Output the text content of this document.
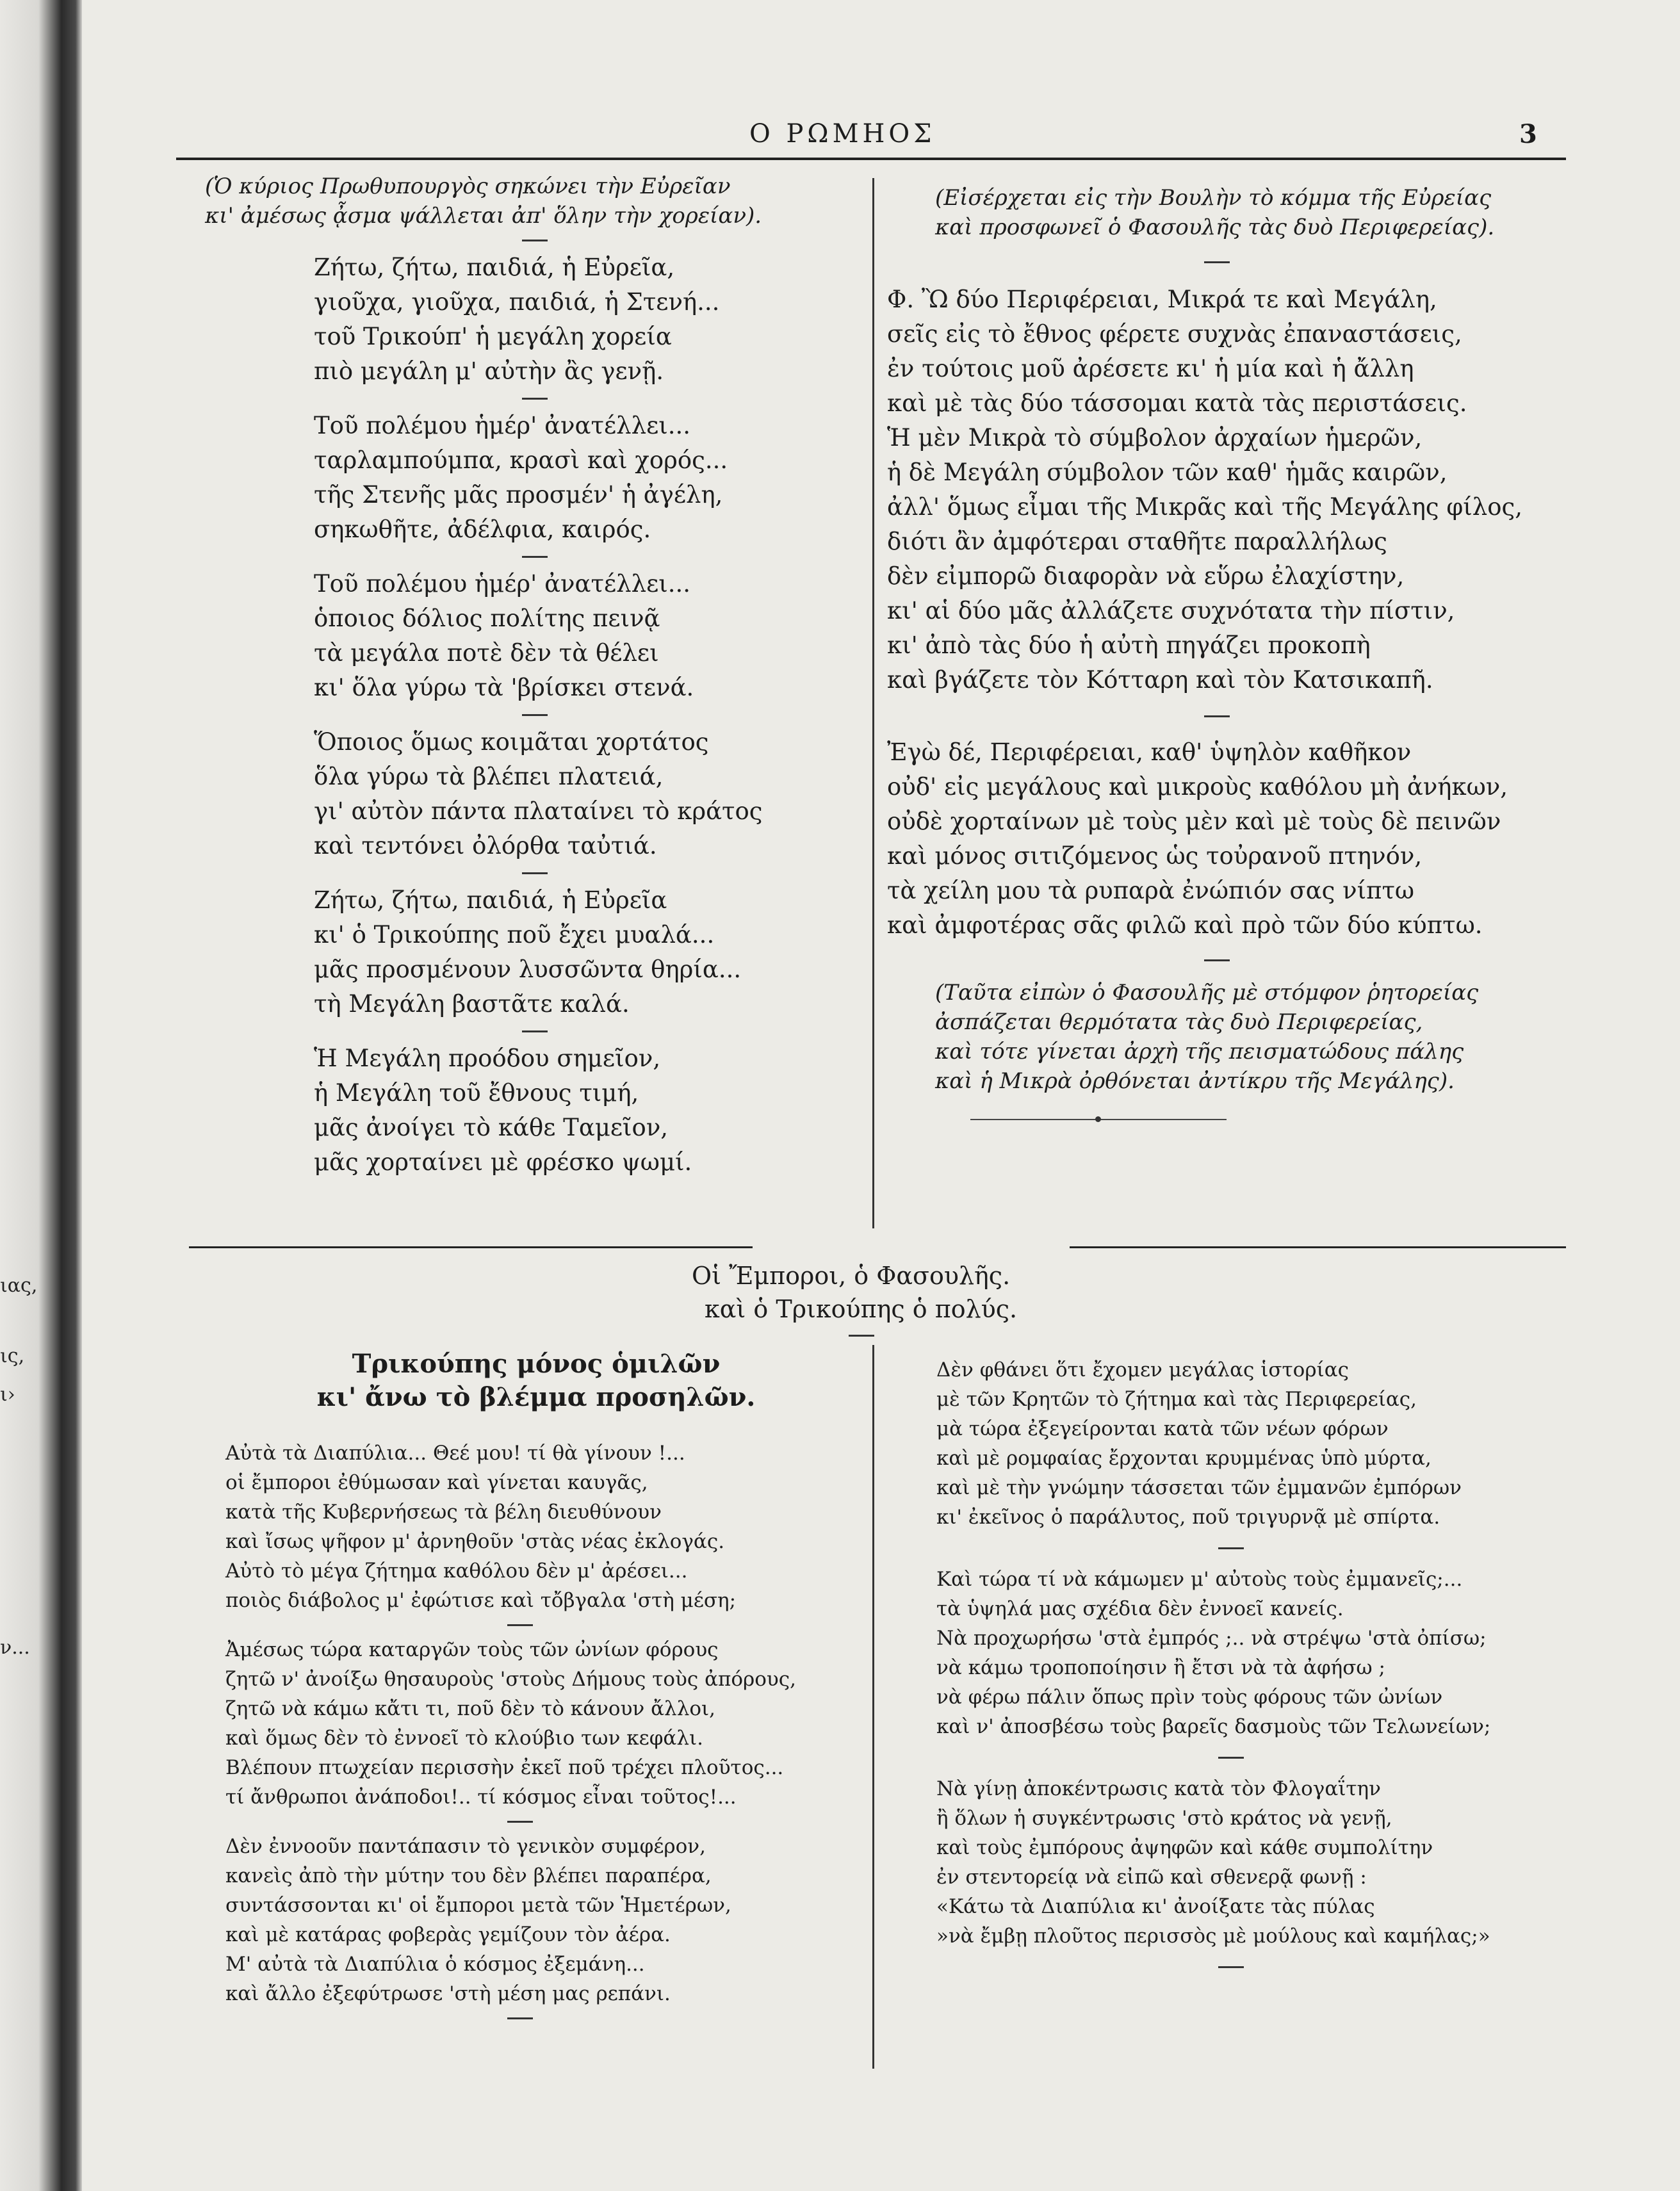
ιας,
ις,
ι›
ν...
Ο ΡΩΜΗΟΣ	3

(Ὁ κύριος Πρωθυπουργὸς σηκώνει τὴν Εὐρεῖαν

κι' ἀμέσως ᾆσμα ψάλλεται ἀπ' ὅλην τὴν χορείαν).

Ζήτω, ζήτω, παιδιά, ἡ Εὐρεῖα,

γιοῦχα, γιοῦχα, παιδιά, ἡ Στενή...

τοῦ Τρικούπ' ἡ μεγάλη χορεία

πιὸ μεγάλη μ' αὐτὴν ἂς γενῇ.

Τοῦ πολέμου ἡμέρ' ἀνατέλλει...

ταρλαμπούμπα, κρασὶ καὶ χορός...

τῆς Στενῆς μᾶς προσμέν' ἡ ἀγέλη,

σηκωθῆτε, ἀδέλφια, καιρός.

Τοῦ πολέμου ἡμέρ' ἀνατέλλει...

ὁποιος δόλιος πολίτης πεινᾷ

τὰ μεγάλα ποτὲ δὲν τὰ θέλει

κι' ὅλα γύρω τὰ 'βρίσκει στενά.

Ὅποιος ὅμως κοιμᾶται χορτάτος

ὅλα γύρω τὰ βλέπει πλατειά,

γι' αὐτὸν πάντα πλαταίνει τὸ κράτος

καὶ τεντόνει ὀλόρθα ταὐτιά.

Ζήτω, ζήτω, παιδιά, ἡ Εὐρεῖα

κι' ὁ Τρικούπης ποῦ ἔχει μυαλά...

μᾶς προσμένουν λυσσῶντα θηρία...

τὴ Μεγάλη βαστᾶτε καλά.

Ἡ Μεγάλη προόδου σημεῖον,

ἡ Μεγάλη τοῦ ἔθνους τιμή,

μᾶς ἀνοίγει τὸ κάθε Ταμεῖον,

μᾶς χορταίνει μὲ φρέσκο ψωμί.

(Εἰσέρχεται εἰς τὴν Βουλὴν τὸ κόμμα τῆς Εὐρείας

καὶ προσφωνεῖ ὁ Φασουλῆς τὰς δυὸ Περιφερείας).

Φ. Ὢ δύο Περιφέρειαι, Μικρά τε καὶ Μεγάλη,

σεῖς εἰς τὸ ἔθνος φέρετε συχνὰς ἐπαναστάσεις,

ἐν τούτοις μοῦ ἀρέσετε κι' ἡ μία καὶ ἡ ἄλλη

καὶ μὲ τὰς δύο τάσσομαι κατὰ τὰς περιστάσεις.

Ἡ μὲν Μικρὰ τὸ σύμβολον ἀρχαίων ἡμερῶν,

ἡ δὲ Μεγάλη σύμβολον τῶν καθ' ἡμᾶς καιρῶν,

ἀλλ' ὅμως εἶμαι τῆς Μικρᾶς καὶ τῆς Μεγάλης φίλος,

διότι ἂν ἀμφότεραι σταθῆτε παραλλήλως

δὲν εἰμπορῶ διαφορὰν νὰ εὕρω ἐλαχίστην,

κι' αἱ δύο μᾶς ἀλλάζετε συχνότατα τὴν πίστιν,

κι' ἀπὸ τὰς δύο ἡ αὐτὴ πηγάζει προκοπὴ

καὶ βγάζετε τὸν Κότταρη καὶ τὸν Κατσικαπῆ.

Ἐγὼ δέ, Περιφέρειαι, καθ' ὑψηλὸν καθῆκον

οὐδ' εἰς μεγάλους καὶ μικροὺς καθόλου μὴ ἀνήκων,

οὐδὲ χορταίνων μὲ τοὺς μὲν καὶ μὲ τοὺς δὲ πεινῶν

καὶ μόνος σιτιζόμενος ὡς τοὐρανοῦ πτηνόν,

τὰ χείλη μου τὰ ρυπαρὰ ἐνώπιόν σας νίπτω

καὶ ἀμφοτέρας σᾶς φιλῶ καὶ πρὸ τῶν δύο κύπτω.

(Ταῦτα εἰπὼν ὁ Φασουλῆς μὲ στόμφον ῥητορείας

ἀσπάζεται θερμότατα τὰς δυὸ Περιφερείας,

καὶ τότε γίνεται ἀρχὴ τῆς πεισματώδους πάλης

καὶ ἡ Μικρὰ ὀρθόνεται ἀντίκρυ τῆς Μεγάλης).

Οἱ Ἔμποροι, ὁ Φασουλῆς.

καὶ ὁ Τρικούπης ὁ πολύς.

Τρικούπης μόνος ὁμιλῶν

κι' ἄνω τὸ βλέμμα προσηλῶν.

Αὐτὰ τὰ Διαπύλια... Θεέ μου! τί θὰ γίνουν !...

οἱ ἔμποροι ἐθύμωσαν καὶ γίνεται καυγᾶς,

κατὰ τῆς Κυβερνήσεως τὰ βέλη διευθύνουν

καὶ ἴσως ψῆφον μ' ἀρνηθοῦν 'στὰς νέας ἐκλογάς.

Αὐτὸ τὸ μέγα ζήτημα καθόλου δὲν μ' ἀρέσει...

ποιὸς διάβολος μ' ἐφώτισε καὶ τὄβγαλα 'στὴ μέση;

Ἀμέσως τώρα καταργῶν τοὺς τῶν ὠνίων φόρους

ζητῶ ν' ἀνοίξω θησαυροὺς 'στοὺς Δήμους τοὺς ἀπόρους,

ζητῶ νὰ κάμω κἄτι τι, ποῦ δὲν τὸ κάνουν ἄλλοι,

καὶ ὅμως δὲν τὸ ἐννοεῖ τὸ κλούβιο των κεφάλι.

Βλέπουν πτωχείαν περισσὴν ἐκεῖ ποῦ τρέχει πλοῦτος...

τί ἄνθρωποι ἀνάποδοι!.. τί κόσμος εἶναι τοῦτος!...

Δὲν ἐννοοῦν παντάπασιν τὸ γενικὸν συμφέρον,

κανεὶς ἀπὸ τὴν μύτην του δὲν βλέπει παραπέρα,

συντάσσονται κι' οἱ ἔμποροι μετὰ τῶν Ἡμετέρων,

καὶ μὲ κατάρας φοβερὰς γεμίζουν τὸν ἀέρα.

Μ' αὐτὰ τὰ Διαπύλια ὁ κόσμος ἐξεμάνη...

καὶ ἄλλο ἐξεφύτρωσε 'στὴ μέση μας ρεπάνι.

Δὲν φθάνει ὅτι ἔχομεν μεγάλας ἱστορίας

μὲ τῶν Κρητῶν τὸ ζήτημα καὶ τὰς Περιφερείας,

μὰ τώρα ἐξεγείρονται κατὰ τῶν νέων φόρων

καὶ μὲ ρομφαίας ἔρχονται κρυμμένας ὑπὸ μύρτα,

καὶ μὲ τὴν γνώμην τάσσεται τῶν ἐμμανῶν ἐμπόρων

κι' ἐκεῖνος ὁ παράλυτος, ποῦ τριγυρνᾷ μὲ σπίρτα.

Καὶ τώρα τί νὰ κάμωμεν μ' αὐτοὺς τοὺς ἐμμανεῖς;...

τὰ ὑψηλά μας σχέδια δὲν ἐννοεῖ κανείς.

Νὰ προχωρήσω 'στὰ ἐμπρός ;.. νὰ στρέψω 'στὰ ὀπίσω;

νὰ κάμω τροποποίησιν ἢ ἔτσι νὰ τὰ ἀφήσω ;

νὰ φέρω πάλιν ὅπως πρὶν τοὺς φόρους τῶν ὠνίων

καὶ ν' ἀποσβέσω τοὺς βαρεῖς δασμοὺς τῶν Τελωνείων;

Νὰ γίνῃ ἀποκέντρωσις κατὰ τὸν Φλογαΐτην

ἢ ὅλων ἡ συγκέντρωσις 'στὸ κράτος νὰ γενῇ,

καὶ τοὺς ἐμπόρους ἀψηφῶν καὶ κάθε συμπολίτην

ἐν στεντορείᾳ νὰ εἰπῶ καὶ σθενερᾷ φωνῇ :

«Κάτω τὰ Διαπύλια κι' ἀνοίξατε τὰς πύλας

»νὰ ἔμβῃ πλοῦτος περισσὸς μὲ μούλους καὶ καμήλας;»
